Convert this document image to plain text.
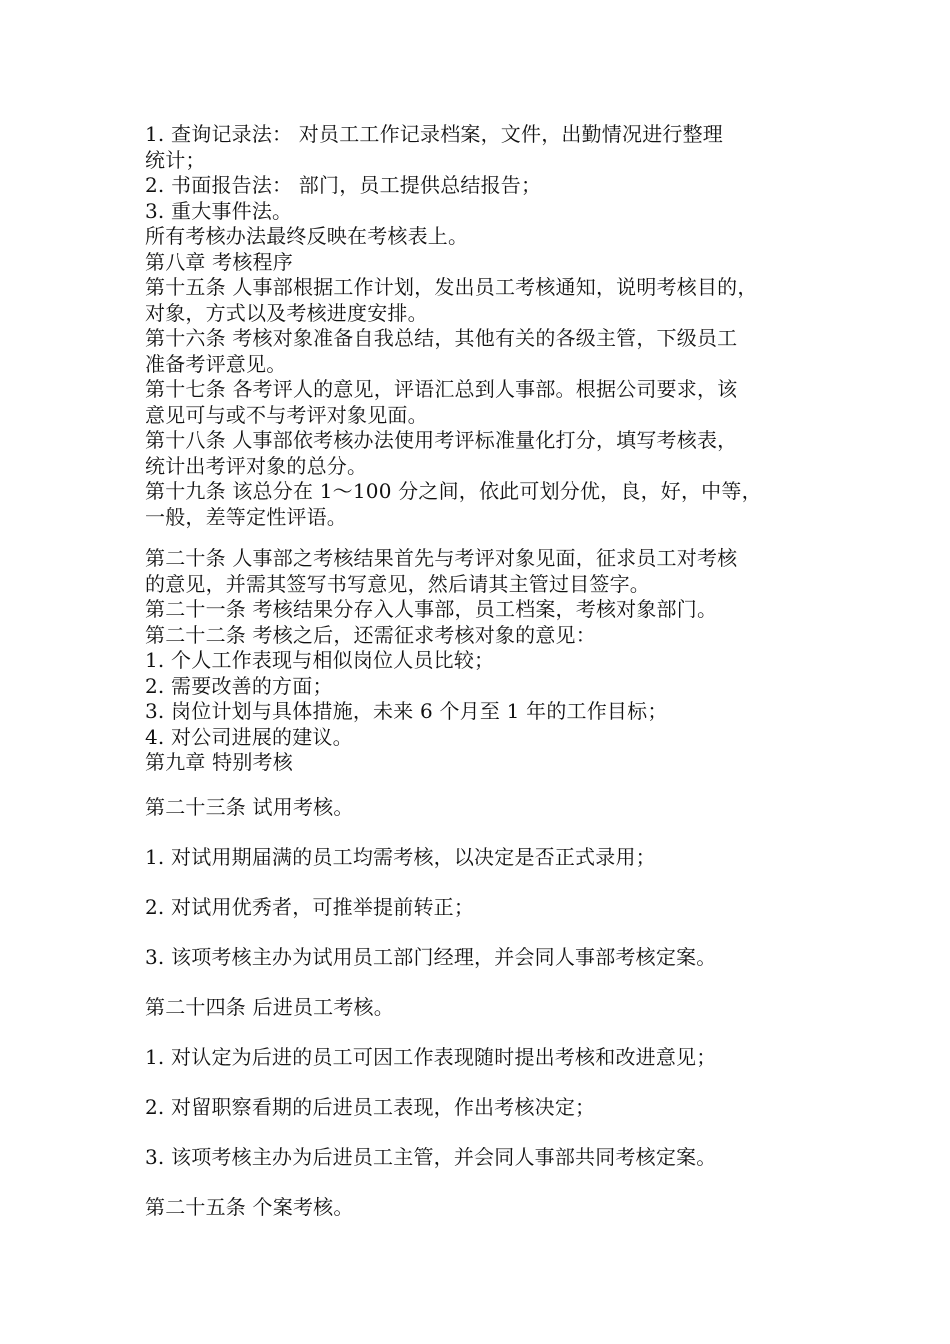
1. 查询记录法： 对员工工作记录档案，文件，出勤情况进行整理
统计；
2. 书面报告法： 部门，员工提供总结报告；
3. 重大事件法。
所有考核办法最终反映在考核表上。
第八章 考核程序
第十五条 人事部根据工作计划，发出员工考核通知，说明考核目的，
对象，方式以及考核进度安排。
第十六条 考核对象准备自我总结，其他有关的各级主管，下级员工
准备考评意见。
第十七条 各考评人的意见，评语汇总到人事部。根据公司要求，该
意见可与或不与考评对象见面。
第十八条 人事部依考核办法使用考评标准量化打分，填写考核表，
统计出考评对象的总分。
第十九条 该总分在 1～100 分之间，依此可划分优，良，好，中等，
一般，差等定性评语。
第二十条 人事部之考核结果首先与考评对象见面，征求员工对考核
的意见，并需其签写书写意见，然后请其主管过目签字。
第二十一条 考核结果分存入人事部，员工档案，考核对象部门。
第二十二条 考核之后，还需征求考核对象的意见：
1. 个人工作表现与相似岗位人员比较；
2. 需要改善的方面；
3. 岗位计划与具体措施，未来 6 个月至 1 年的工作目标；
4. 对公司进展的建议。
第九章 特别考核
第二十三条 试用考核。
1. 对试用期届满的员工均需考核，以决定是否正式录用；
2. 对试用优秀者，可推举提前转正；
3. 该项考核主办为试用员工部门经理，并会同人事部考核定案。
第二十四条 后进员工考核。
1. 对认定为后进的员工可因工作表现随时提出考核和改进意见；
2. 对留职察看期的后进员工表现，作出考核决定；
3. 该项考核主办为后进员工主管，并会同人事部共同考核定案。
第二十五条 个案考核。
